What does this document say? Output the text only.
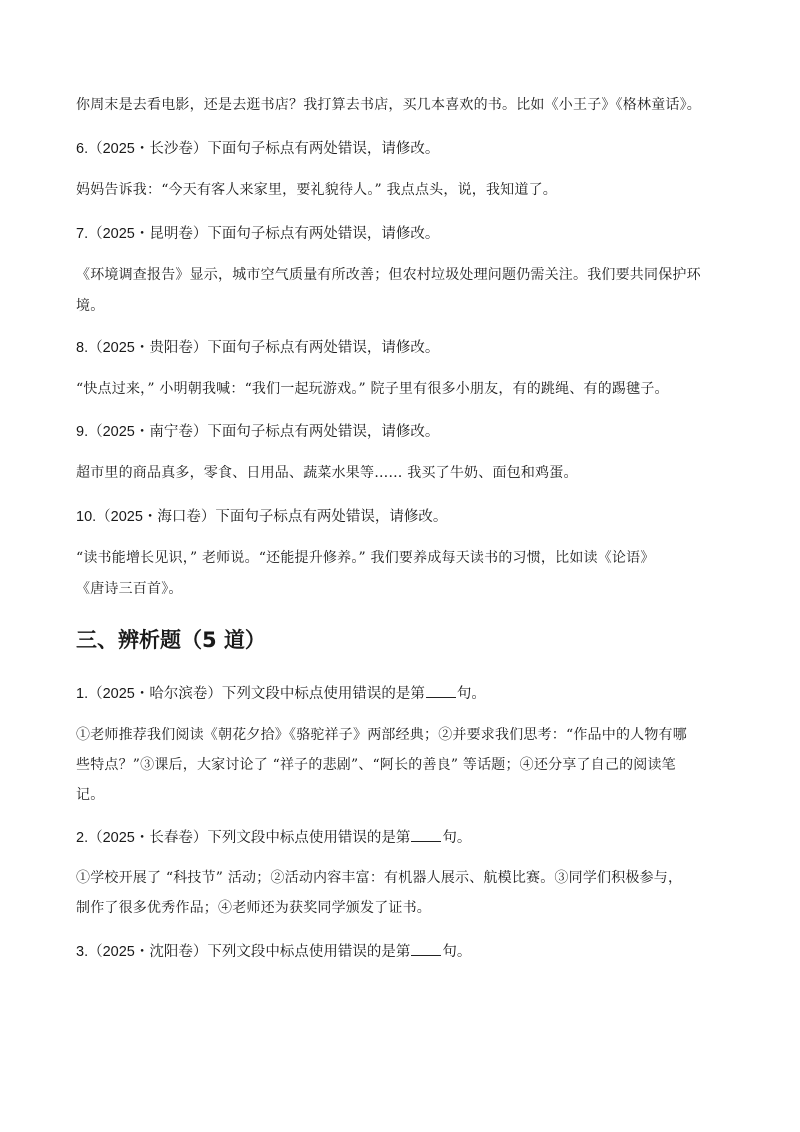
你周末是去看电影，还是去逛书店？我打算去书店，买几本喜欢的书。比如《小王子》《格林童话》。
6.（2025・长沙卷）下面句子标点有两处错误，请修改。
妈妈告诉我：“今天有客人来家里，要礼貌待人。” 我点点头，说，我知道了。
7.（2025・昆明卷）下面句子标点有两处错误，请修改。
《环境调查报告》显示，城市空气质量有所改善；但农村垃圾处理问题仍需关注。我们要共同保护环
境。
8.（2025・贵阳卷）下面句子标点有两处错误，请修改。
“快点过来，” 小明朝我喊：“我们一起玩游戏。” 院子里有很多小朋友，有的跳绳、有的踢毽子。
9.（2025・南宁卷）下面句子标点有两处错误，请修改。
超市里的商品真多，零食、日用品、蔬菜水果等…… 我买了牛奶、面包和鸡蛋。
10.（2025・海口卷）下面句子标点有两处错误，请修改。
“读书能增长见识，” 老师说。“还能提升修养。” 我们要养成每天读书的习惯，比如读《论语》
《唐诗三百首》。
三、辨析题（5 道）
1.（2025・哈尔滨卷）下列文段中标点使用错误的是第 句。
①老师推荐我们阅读《朝花夕拾》《骆驼祥子》两部经典；②并要求我们思考：“作品中的人物有哪
些特点？”③课后，大家讨论了 “祥子的悲剧”、“阿长的善良” 等话题；④还分享了自己的阅读笔
记。
2.（2025・长春卷）下列文段中标点使用错误的是第 句。
①学校开展了 “科技节” 活动；②活动内容丰富：有机器人展示、航模比赛。③同学们积极参与，
制作了很多优秀作品；④老师还为获奖同学颁发了证书。
3.（2025・沈阳卷）下列文段中标点使用错误的是第 句。
